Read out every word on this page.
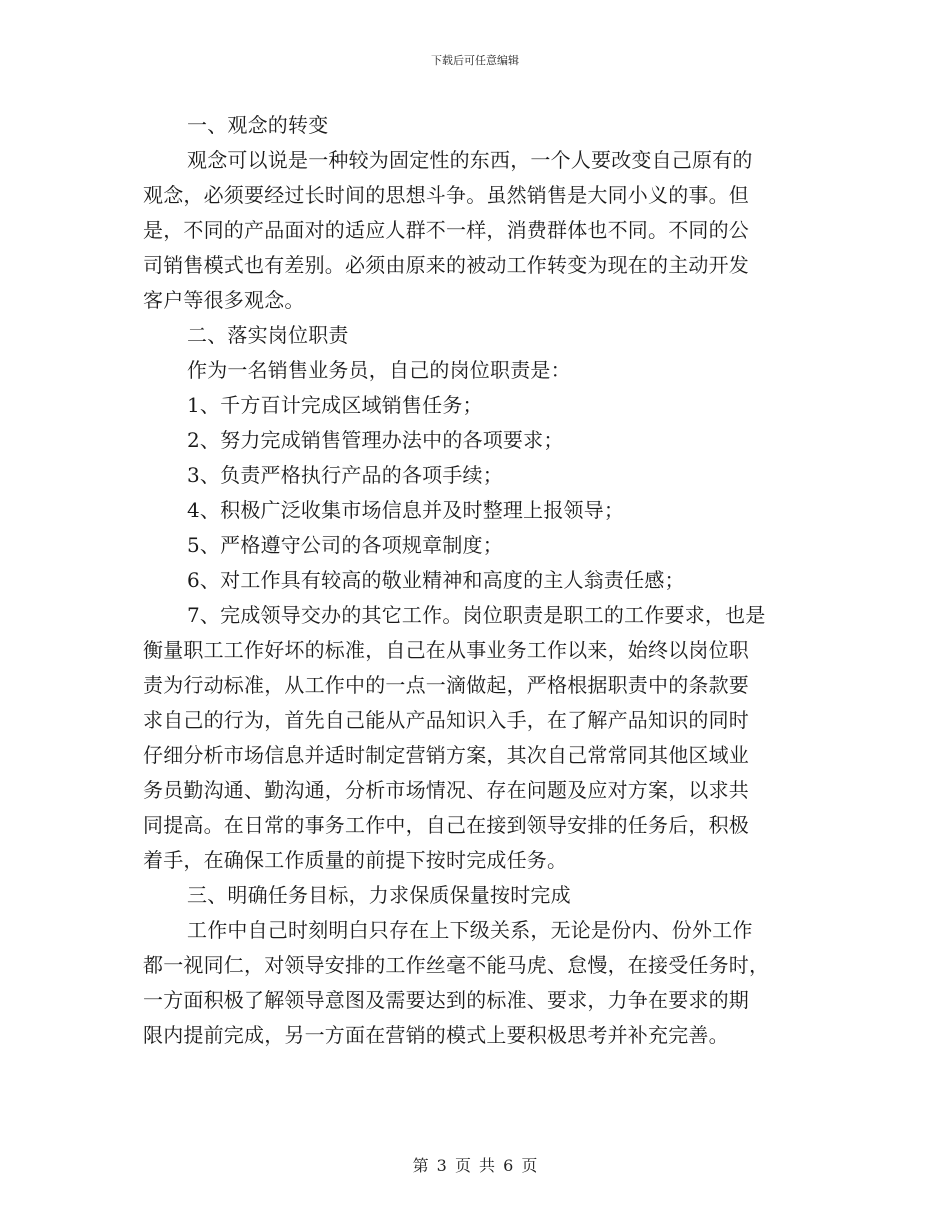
下载后可任意编辑
一、观念的转变
观念可以说是一种较为固定性的东西，一个人要改变自己原有的
观念，必须要经过长时间的思想斗争。虽然销售是大同小义的事。但
是，不同的产品面对的适应人群不一样，消费群体也不同。不同的公
司销售模式也有差别。必须由原来的被动工作转变为现在的主动开发
客户等很多观念。
二、落实岗位职责
作为一名销售业务员，自己的岗位职责是：
1、千方百计完成区域销售任务；
2、努力完成销售管理办法中的各项要求；
3、负责严格执行产品的各项手续；
4、积极广泛收集市场信息并及时整理上报领导；
5、严格遵守公司的各项规章制度；
6、对工作具有较高的敬业精神和高度的主人翁责任感；
7、完成领导交办的其它工作。岗位职责是职工的工作要求，也是
衡量职工工作好坏的标准，自己在从事业务工作以来，始终以岗位职
责为行动标准，从工作中的一点一滴做起，严格根据职责中的条款要
求自己的行为，首先自己能从产品知识入手，在了解产品知识的同时
仔细分析市场信息并适时制定营销方案，其次自己常常同其他区域业
务员勤沟通、勤沟通，分析市场情况、存在问题及应对方案，以求共
同提高。在日常的事务工作中，自己在接到领导安排的任务后，积极
着手，在确保工作质量的前提下按时完成任务。
三、明确任务目标，力求保质保量按时完成
工作中自己时刻明白只存在上下级关系，无论是份内、份外工作
都一视同仁，对领导安排的工作丝毫不能马虎、怠慢，在接受任务时，
一方面积极了解领导意图及需要达到的标准、要求，力争在要求的期
限内提前完成，另一方面在营销的模式上要积极思考并补充完善。
第 3 页 共 6 页
